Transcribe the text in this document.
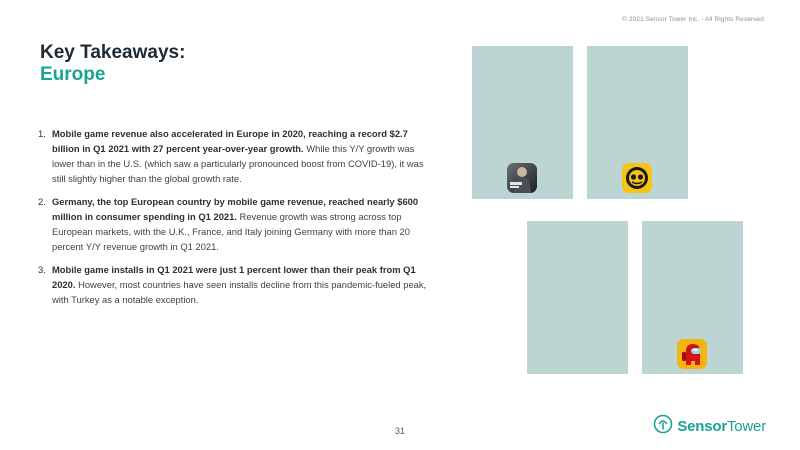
© 2021 Sensor Tower Inc. - All Rights Reserved
Key Takeaways:
Europe
1. Mobile game revenue also accelerated in Europe in 2020, reaching a record $2.7 billion in Q1 2021 with 27 percent year-over-year growth. While this Y/Y growth was lower than in the U.S. (which saw a particularly pronounced boost from COVID-19), it was still slightly higher than the global growth rate.
2. Germany, the top European country by mobile game revenue, reached nearly $600 million in consumer spending in Q1 2021. Revenue growth was strong across top European markets, with the U.K., France, and Italy joining Germany with more than 20 percent Y/Y revenue growth in Q1 2021.
3. Mobile game installs in Q1 2021 were just 1 percent lower than their peak from Q1 2020. However, most countries have seen installs decline from this pandemic-fueled peak, with Turkey as a notable exception.
31	SensorTower
